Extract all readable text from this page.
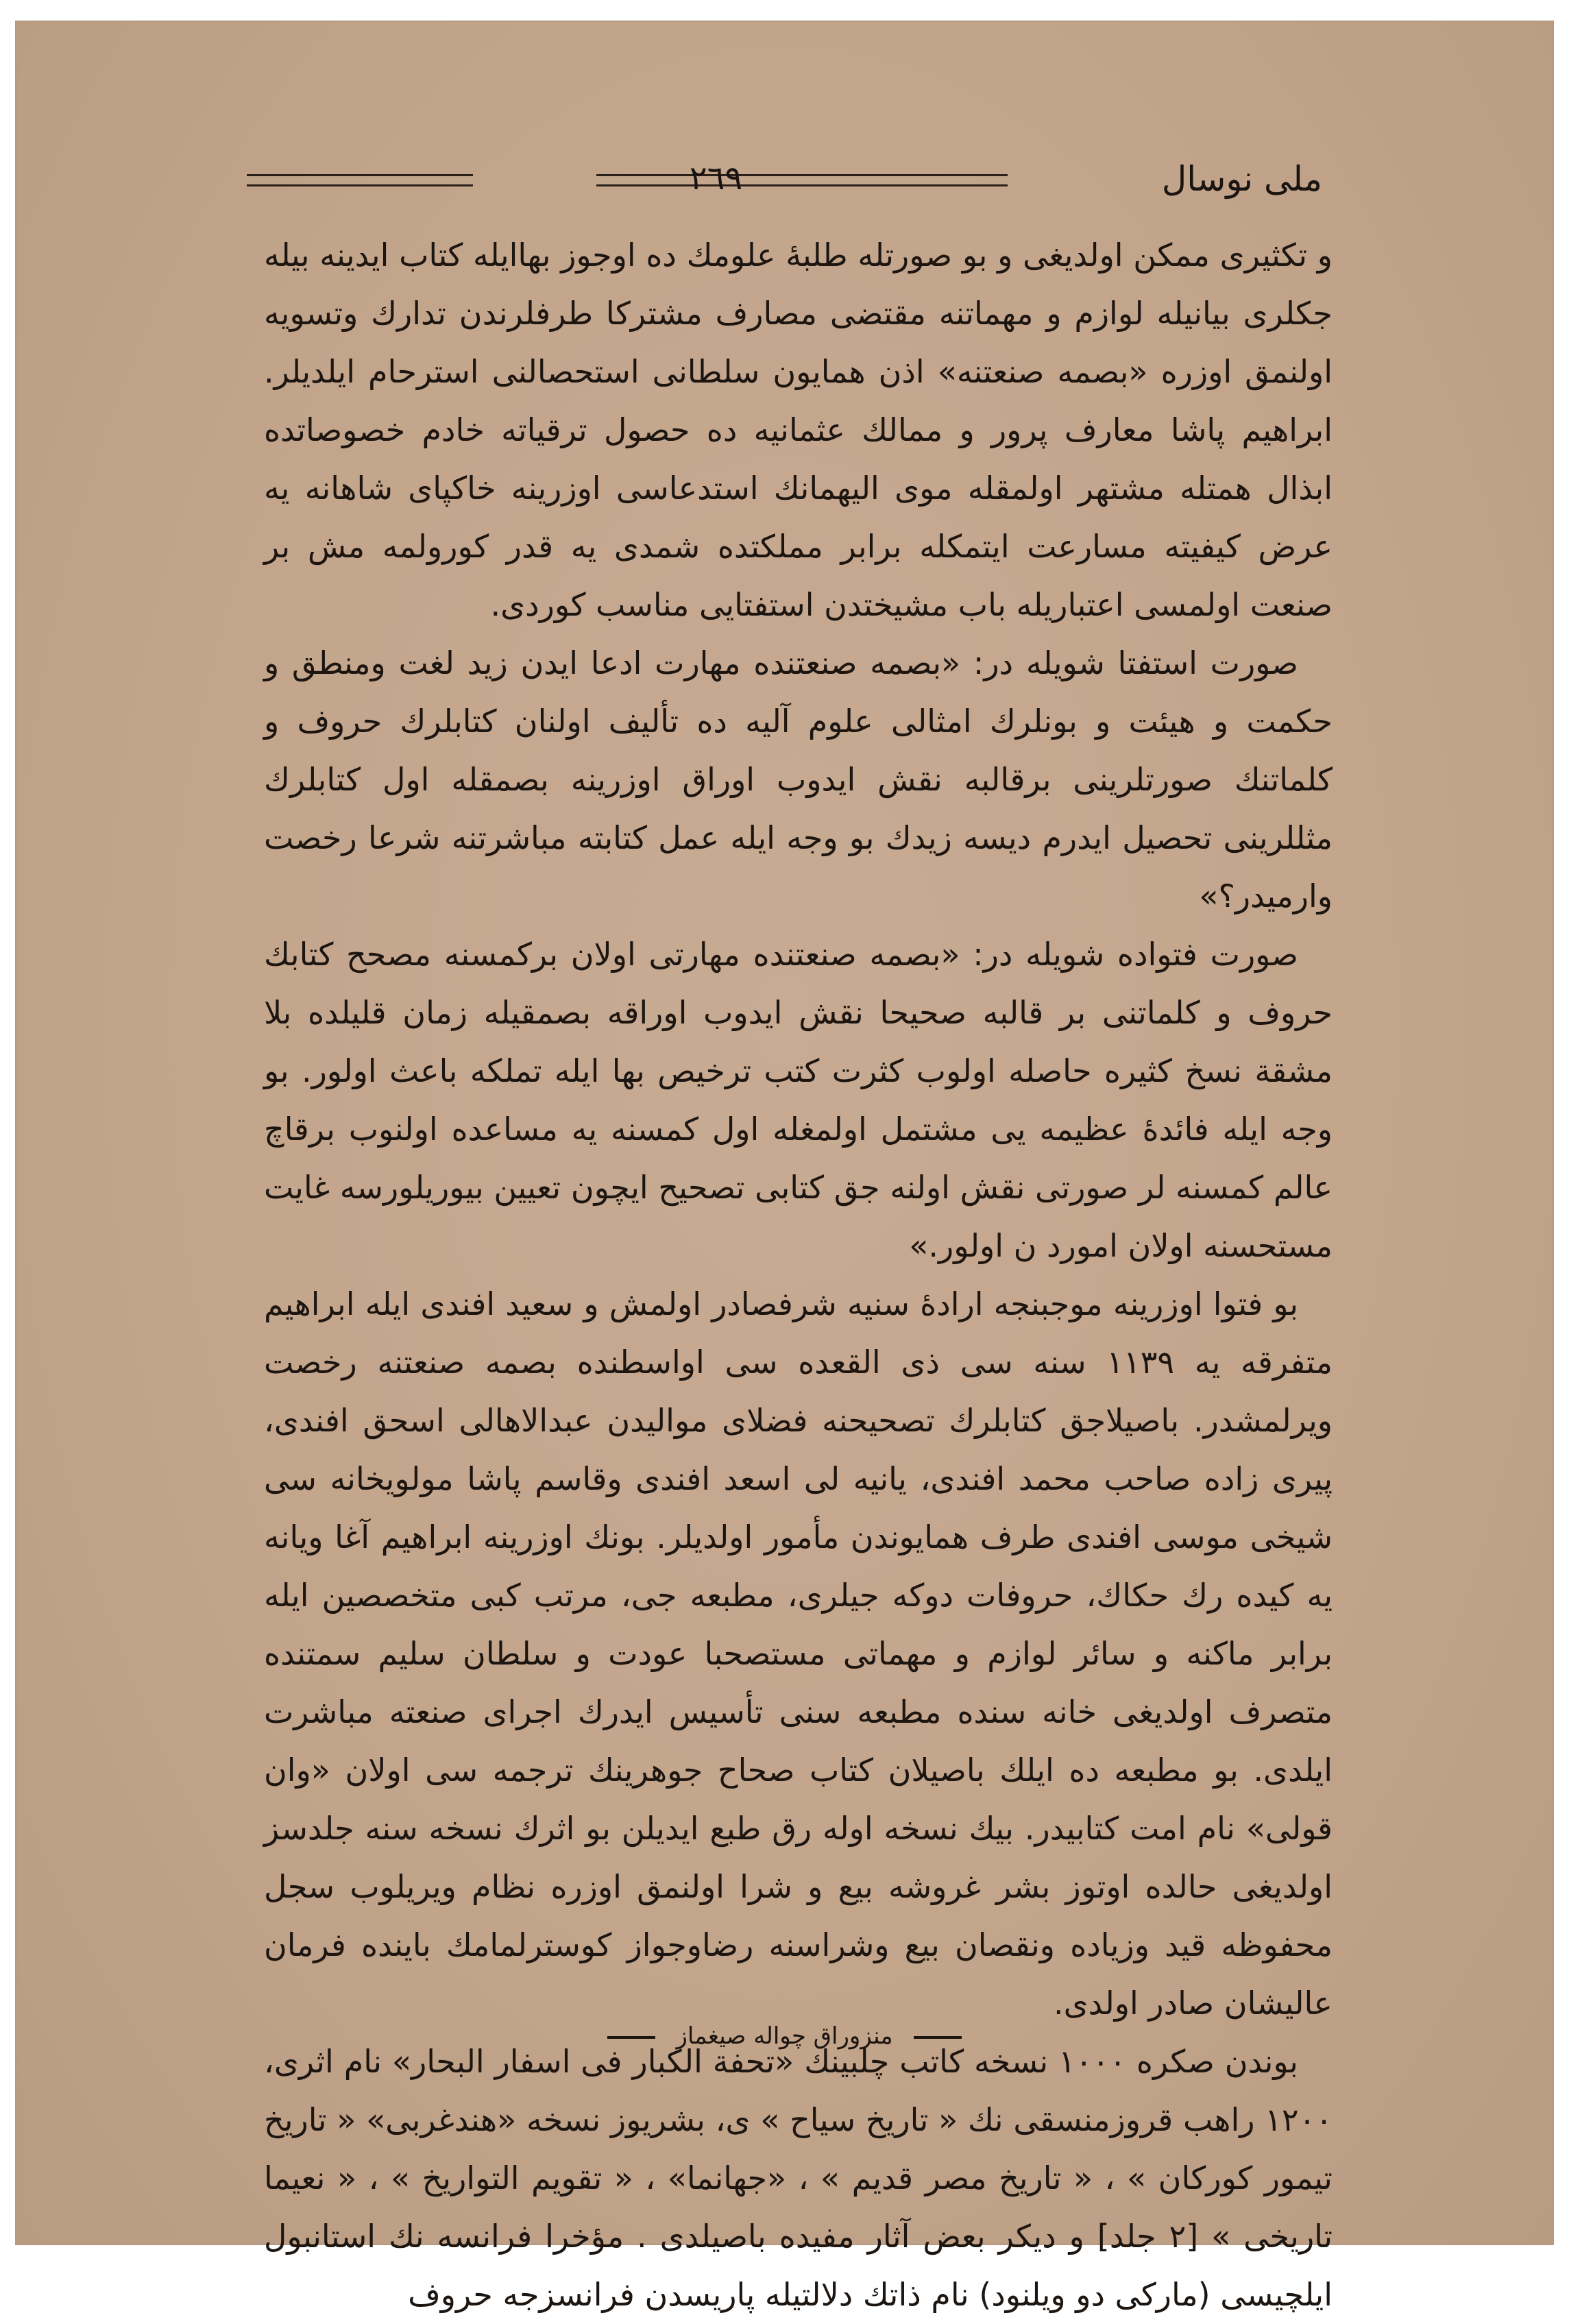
٢٦٩	ملی نوسال

و تکثیری ممکن اولدیغی و بو صورتله طلبهٔ علومك ده اوجوز بهاایله کتاب ایدینه بیله جکلری بیانیله لوازم و مهماتنه مقتضی مصارف مشترکا طرفلرندن تدارك وتسویه اولنمق اوزره «بصمه صنعتنه» اذن همایون سلطانی استحصالنی استرحام ایلدیلر. ابراهیم پاشا معارف پرور و ممالك عثمانیه ده حصول ترقیاته خادم خصوصاتده ابذال همتله مشتهر اولمقله موی الیهمانك استدعاسی اوزرینه خاکپای شاهانه یه عرض کیفیته مسارعت ایتمکله برابر مملکتده شمدی یه قدر کورولمه مش بر صنعت اولمسی اعتباریله باب مشیختدن استفتایی مناسب کوردی.

صورت استفتا شویله در: «بصمه صنعتنده مهارت ادعا ایدن زید لغت ومنطق و حکمت و هیئت و بونلرك امثالی علوم آلیه ده تألیف اولنان کتابلرك حروف و کلماتنك صورتلرینی برقالبه نقش ایدوب اوراق اوزرینه بصمقله اول کتابلرك مثللرینی تحصیل ایدرم دیسه زیدك بو وجه ایله عمل کتابته مباشرتنه شرعا رخصت وارمیدر؟»

صورت فتواده شویله در: «بصمه صنعتنده مهارتی اولان برکمسنه مصحح کتابك حروف و کلماتنی بر قالبه صحیحا نقش ایدوب اوراقه بصمقیله زمان قلیلده بلا مشقة نسخ کثیره حاصله اولوب کثرت کتب ترخیص بها ایله تملکه باعث اولور. بو وجه ایله فائدهٔ عظیمه یی مشتمل اولمغله اول کمسنه یه مساعده اولنوب برقاچ عالم کمسنه لر صورتی نقش اولنه جق کتابی تصحیح ایچون تعیین بیوریلورسه غایت مستحسنه اولان امورد ن اولور.»

بو فتوا اوزرینه موجبنجه ارادهٔ سنیه شرفصادر اولمش و سعید افندی ایله ابراهیم متفرقه یه ١١٣٩ سنه سی ذی القعده سی اواسطنده بصمه صنعتنه رخصت ویرلمشدر. باصیلاجق کتابلرك تصحیحنه فضلای موالیدن عبدالاهالی اسحق افندی، پیری زاده صاحب محمد افندی، یانیه لی اسعد افندی وقاسم پاشا مولویخانه سی شیخی موسی افندی طرف همایوندن مأمور اولدیلر. بونك اوزرینه ابراهیم آغا ویانه یه کیده رك حکاك، حروفات دوکه جیلری، مطبعه جی، مرتب کبی متخصصین ایله برابر ماکنه و سائر لوازم و مهماتی مستصحبا عودت و سلطان سلیم سمتنده متصرف اولدیغی خانه سنده مطبعه سنی تأسیس ایدرك اجرای صنعته مباشرت ایلدی. بو مطبعه ده ایلك باصیلان کتاب صحاح جوهرینك ترجمه سی اولان «وان قولی» نام امت کتابیدر. بیك نسخه اوله رق طبع ایدیلن بو اثرك نسخه سنه جلدسز اولدیغی حالده اوتوز بشر غروشه بیع و شرا اولنمق اوزره نظام ویریلوب سجل محفوظه قید وزیاده ونقصان بیع وشراسنه رضاوجواز کوسترلمامك باینده فرمان عالیشان صادر اولدی.

بوندن صکره ١٠٠٠ نسخه کاتب چلبینك «تحفة الکبار فی اسفار البحار» نام اثری، ١٢٠٠ راهب قروزمنسقی نك « تاریخ سیاح » ی، بشریوز نسخه «هندغربی» « تاریخ تیمور کورکان » ، « تاریخ مصر قدیم » ، «جهانما» ، « تقویم التواریخ » ، « نعیما تاریخی » [٢ جلد] و دیکر بعض آثار مفیده باصیلدی . مؤخرا فرانسه نك استانبول ایلچیسی (مارکی دو ویلنود) نام ذاتك دلالتیله پاریسدن فرانسزجه حروف

منزوراق چواله صیغماز
